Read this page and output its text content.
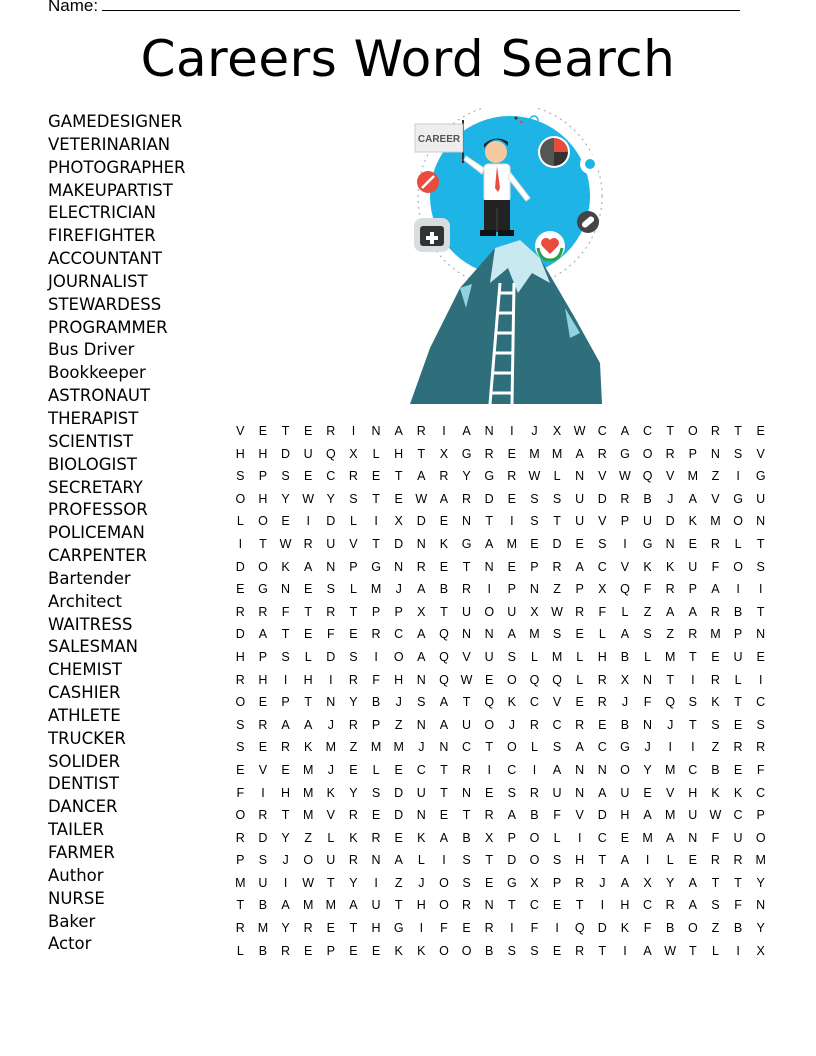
Name:
Careers Word Search
GAMEDESIGNER
VETERINARIAN
PHOTOGRAPHER
MAKEUPARTIST
ELECTRICIAN
FIREFIGHTER
ACCOUNTANT
JOURNALIST
STEWARDESS
PROGRAMMER
Bus Driver
Bookkeeper
ASTRONAUT
THERAPIST
SCIENTIST
BIOLOGIST
SECRETARY
PROFESSOR
POLICEMAN
CARPENTER
Bartender
Architect
WAITRESS
SALESMAN
CHEMIST
CASHIER
ATHLETE
TRUCKER
SOLIDER
DENTIST
DANCER
TAILER
FARMER
Author
NURSE
Baker
Actor
CAREER
V	E	T	E	R	I	N	A	R	I	A	N	I	J	X	W C	A	C	T	O	R	T	E
H	H	D	U	Q	X	L	H	T	X	G	R	E	M M	A	R	G	O	R	P	N	S	V
S	P	S	E	C	R	E	T	A	R	Y	G	R W	L	N	V	W Q	V	M	Z	I	G
O	H	Y	W	Y	S	T	E	W	A	R	D	E	S	S	U	D	R	B	J	A	V	G	U
L	O	E	I	D	L	I	X	D	E	N	T	I	S	T	U	V	P	U	D	K	M	O	N
I	T	W R	U	V	T	D	N	K	G	A	M	E	D	E	S	I	G	N	E	R	L	T
D	O	K	A	N	P	G	N	R	E	T	N	E	P	R	A	C	V	K	K	U	F	O	S
E	G	N	E	S	L	M	J	A	B	R	I	P	N	Z	P	X	Q	F	R	P	A	I	I
R	R	F	T	R	T	P	P	X	T	U	O	U	X	W R	F	L	Z	A	A	R	B	T
D	A	T	E	F	E	R	C	A	Q	N	N	A	M	S	E	L	A	S	Z	R	M	P	N
H	P	S	L	D	S	I	O	A	Q	V	U	S	L	M	L	H	B	L	M	T	E	U	E
R	H	I	H	I	R	F	H	N	Q W	E	O	Q	Q	L	R	X	N	T	I	R	L	I
O	E	P	T	N	Y	B	J	S	A	T	Q	K	C	V	E	R	J	F	Q	S	K	T	C
S	R	A	A	J	R	P	Z	N	A	U	O	J	R	C	R	E	B	N	J	T	S	E	S
S	E	R	K	M	Z	M M	J	N	C	T	O	L	S	A	C	G	J	I	I	Z	R	R
E	V	E	M	J	E	L	E	C	T	R	I	C	I	A	N	N	O	Y	M	C	B	E	F
F	I	H	M	K	Y	S	D	U	T	N	E	S	R	U	N	A	U	E	V	H	K	K	C
O	R	T	M	V	R	E	D	N	E	T	R	A	B	F	V	D	H	A	M	U W C	P
R	D	Y	Z	L	K	R	E	K	A	B	X	P	O	L	I	C	E	M	A	N	F	U	O
P	S	J	O	U	R	N	A	L	I	S	T	D	O	S	H	T	A	I	L	E	R	R	M
M	U	I	W	T	Y	I	Z	J	O	S	E	G	X	P	R	J	A	X	Y	A	T	T	Y
T	B	A	M M	A	U	T	H	O	R	N	T	C	E	T	I	H	C	R	A	S	F	N
R	M	Y	R	E	T	H	G	I	F	E	R	I	F	I	Q	D	K	F	B	O	Z	B	Y
L	B	R	E	P	E	E	K	K	O	O	B	S	S	E	R	T	I	A	W	T	L	I	X
